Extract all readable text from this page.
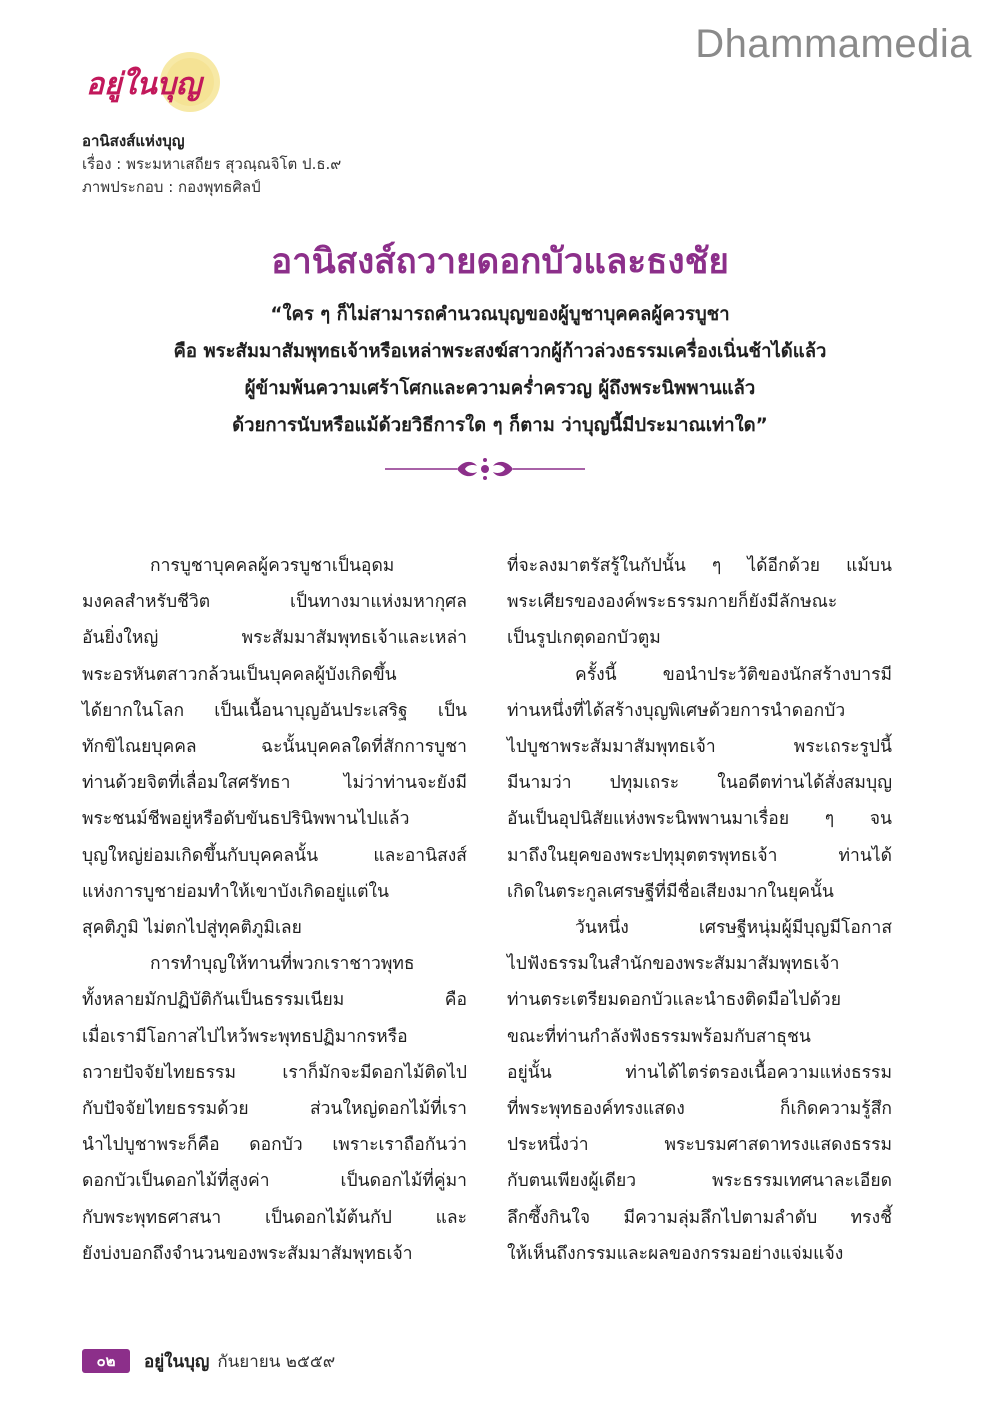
Dhammamedia
อยู่ในบุญ
อานิสงส์แห่งบุญ
เรื่อง : พระมหาเสถียร สุวณฺณจิโต ป.ธ.๙
ภาพประกอบ : กองพุทธศิลป์
อานิสงส์ถวายดอกบัวและธงชัย
“ใคร ๆ ก็ไม่สามารถคำนวณบุญของผู้บูชาบุคคลผู้ควรบูชา
คือ พระสัมมาสัมพุทธเจ้าหรือเหล่าพระสงฆ์สาวกผู้ก้าวล่วงธรรมเครื่องเนิ่นช้าได้แล้ว
ผู้ข้ามพ้นความเศร้าโศกและความคร่ำครวญ ผู้ถึงพระนิพพานแล้ว
ด้วยการนับหรือแม้ด้วยวิธีการใด ๆ ก็ตาม ว่าบุญนี้มีประมาณเท่าใด”
การบูชาบุคคลผู้ควรบูชาเป็นอุดม
มงคลสำหรับชีวิต เป็นทางมาแห่งมหากุศล
อันยิ่งใหญ่ พระสัมมาสัมพุทธเจ้าและเหล่า
พระอรหันตสาวกล้วนเป็นบุคคลผู้บังเกิดขึ้น
ได้ยากในโลก เป็นเนื้อนาบุญอันประเสริฐ เป็น
ทักขิไณยบุคคล ฉะนั้นบุคคลใดที่สักการบูชา
ท่านด้วยจิตที่เลื่อมใสศรัทธา ไม่ว่าท่านจะยังมี
พระชนม์ชีพอยู่หรือดับขันธปรินิพพานไปแล้ว
บุญใหญ่ย่อมเกิดขึ้นกับบุคคลนั้น และอานิสงส์
แห่งการบูชาย่อมทำให้เขาบังเกิดอยู่แต่ใน
สุคติภูมิ ไม่ตกไปสู่ทุคติภูมิเลย
การทำบุญให้ทานที่พวกเราชาวพุทธ
ทั้งหลายมักปฏิบัติกันเป็นธรรมเนียม คือ
เมื่อเรามีโอกาสไปไหว้พระพุทธปฏิมากรหรือ
ถวายปัจจัยไทยธรรม เราก็มักจะมีดอกไม้ติดไป
กับปัจจัยไทยธรรมด้วย ส่วนใหญ่ดอกไม้ที่เรา
นำไปบูชาพระก็คือ ดอกบัว เพราะเราถือกันว่า
ดอกบัวเป็นดอกไม้ที่สูงค่า เป็นดอกไม้ที่คู่มา
กับพระพุทธศาสนา เป็นดอกไม้ต้นกัป และ
ยังบ่งบอกถึงจำนวนของพระสัมมาสัมพุทธเจ้า
ที่จะลงมาตรัสรู้ในกัปนั้น ๆ ได้อีกด้วย แม้บน
พระเศียรขององค์พระธรรมกายก็ยังมีลักษณะ
เป็นรูปเกตุดอกบัวตูม
ครั้งนี้ ขอนำประวัติของนักสร้างบารมี
ท่านหนึ่งที่ได้สร้างบุญพิเศษด้วยการนำดอกบัว
ไปบูชาพระสัมมาสัมพุทธเจ้า พระเถระรูปนี้
มีนามว่า ปทุมเถระ ในอดีตท่านได้สั่งสมบุญ
อันเป็นอุปนิสัยแห่งพระนิพพานมาเรื่อย ๆ จน
มาถึงในยุคของพระปทุมุตตรพุทธเจ้า ท่านได้
เกิดในตระกูลเศรษฐีที่มีชื่อเสียงมากในยุคนั้น
วันหนึ่ง เศรษฐีหนุ่มผู้มีบุญมีโอกาส
ไปฟังธรรมในสำนักของพระสัมมาสัมพุทธเจ้า
ท่านตระเตรียมดอกบัวและนำธงติดมือไปด้วย
ขณะที่ท่านกำลังฟังธรรมพร้อมกับสาธุชน
อยู่นั้น ท่านได้ไตร่ตรองเนื้อความแห่งธรรม
ที่พระพุทธองค์ทรงแสดง ก็เกิดความรู้สึก
ประหนึ่งว่า พระบรมศาสดาทรงแสดงธรรม
กับตนเพียงผู้เดียว พระธรรมเทศนาละเอียด
ลึกซึ้งกินใจ มีความลุ่มลึกไปตามลำดับ ทรงชี้
ให้เห็นถึงกรรมและผลของกรรมอย่างแจ่มแจ้ง
๐๒	อยู่ในบุญ กันยายน ๒๕๕๙
